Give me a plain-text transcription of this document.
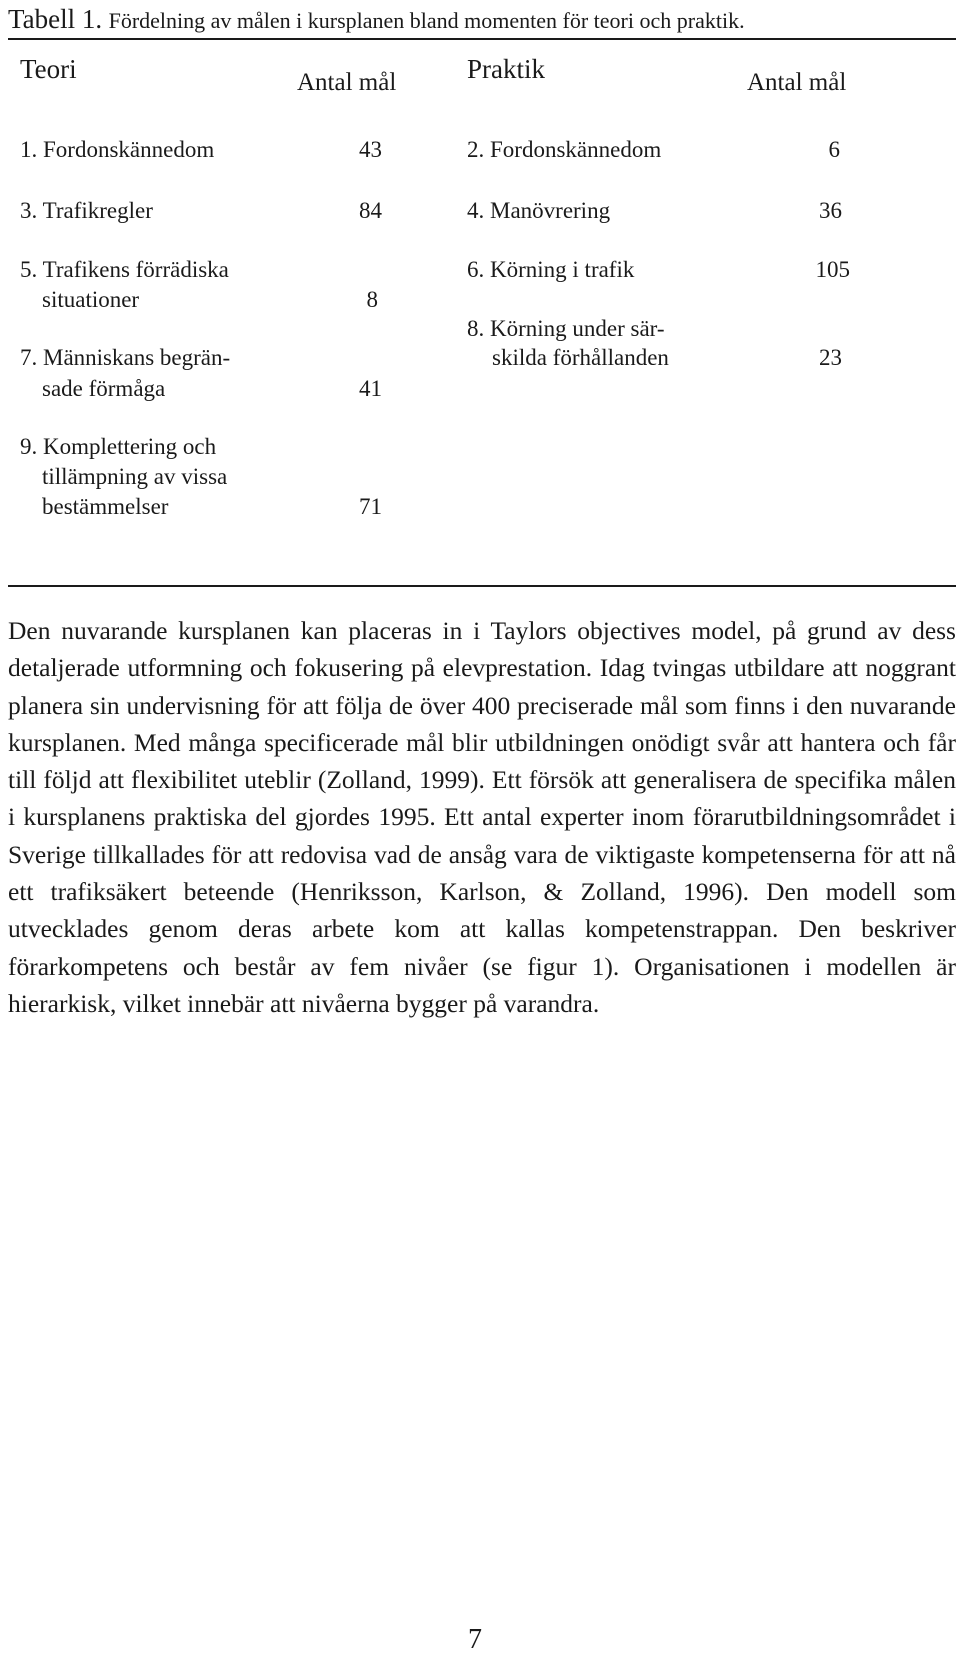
Tabell 1. Fördelning av målen i kursplanen bland momenten för teori och praktik.
Teori	Antal mål	Praktik	Antal mål
1. Fordonskännedom	43
3. Trafikregler	84
5. Trafikens förrädiska
situationer	8
7. Människans begrän-
sade förmåga	41
9. Komplettering och
tillämpning av vissa
bestämmelser	71
2. Fordonskännedom	6
4. Manövrering	36
6. Körning i trafik	105
8. Körning under sär-
skilda förhållanden	23

Den nuvarande kursplanen kan placeras in i Taylors objectives model, på grund av dess detaljerade utformning och fokusering på elevprestation. Idag tvingas utbildare att noggrant planera sin undervisning för att följa de över 400 preciserade mål som finns i den nuvarande kursplanen. Med många specificerade mål blir utbildningen onödigt svår att hantera och får till följd att flexibilitet uteblir (Zolland, 1999). Ett försök att generalisera de specifika målen i kursplanens praktiska del gjordes 1995. Ett antal experter inom förarutbildningsområdet i Sverige tillkallades för att redovisa vad de ansåg vara de viktigaste kompetenserna för att nå ett trafiksäkert beteende (Henriksson, Karlson, & Zolland, 1996). Den modell som utvecklades genom deras arbete kom att kallas kompetenstrappan. Den beskriver förarkompetens och består av fem nivåer (se figur 1). Organisationen i modellen är hierarkisk, vilket innebär att nivåerna bygger på varandra.

7
